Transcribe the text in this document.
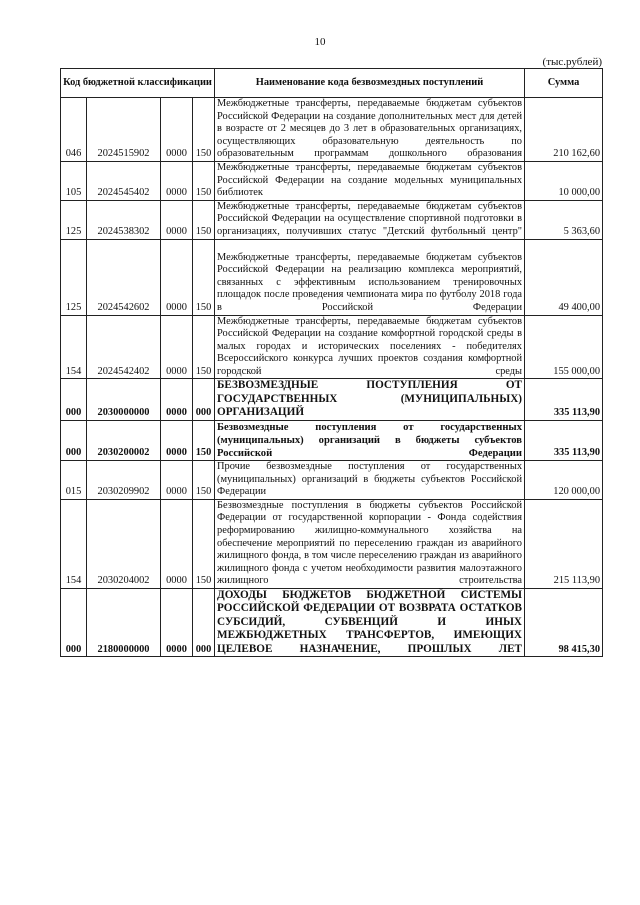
10
(тыс.рублей)
Код бюджетной классификации				Наименование кода безвозмездных поступлений	Сумма
046	2024515902	0000	150	Межбюджетные трансферты, передаваемые бюджетам субъектов Российской Федерации на создание дополнительных мест для детей в возрасте от 2 месяцев до 3 лет в образовательных организациях, осуществляющих образовательную деятельность по образовательным программам дошкольного образования	210 162,60
105	2024545402	0000	150	Межбюджетные трансферты, передаваемые бюджетам субъектов Российской Федерации на создание модельных муниципальных библиотек	10 000,00
125	2024538302	0000	150	Межбюджетные трансферты, передаваемые бюджетам субъектов Российской Федерации на осуществление спортивной подготовки в организациях, получивших статус "Детский футбольный центр"	5 363,60
125	2024542602	0000	150	Межбюджетные трансферты, передаваемые бюджетам субъектов Российской Федерации на реализацию комплекса мероприятий, связанных с эффективным использованием тренировочных площадок после проведения чемпионата мира по футболу 2018 года в Российской Федерации	49 400,00
154	2024542402	0000	150	Межбюджетные трансферты, передаваемые бюджетам субъектов Российской Федерации на создание комфортной городской среды в малых городах и исторических поселениях - победителях Всероссийского конкурса лучших проектов создания комфортной городской среды	155 000,00
000	2030000000	0000	000	БЕЗВОЗМЕЗДНЫЕ ПОСТУПЛЕНИЯ ОТ ГОСУДАРСТВЕННЫХ (МУНИЦИПАЛЬНЫХ) ОРГАНИЗАЦИЙ	335 113,90
000	2030200002	0000	150	Безвозмездные поступления от государственных (муниципальных) организаций в бюджеты субъектов Российской Федерации	335 113,90
015	2030209902	0000	150	Прочие безвозмездные поступления от государственных (муниципальных) организаций в бюджеты субъектов Российской Федерации	120 000,00
154	2030204002	0000	150	Безвозмездные поступления в бюджеты субъектов Российской Федерации от государственной корпорации - Фонда содействия реформированию жилищно-коммунального хозяйства на обеспечение мероприятий по переселению граждан из аварийного жилищного фонда, в том числе переселению граждан из аварийного жилищного фонда с учетом необходимости развития малоэтажного жилищного строительства	215 113,90
000	2180000000	0000	000	ДОХОДЫ БЮДЖЕТОВ БЮДЖЕТНОЙ СИСТЕМЫ РОССИЙСКОЙ ФЕДЕРАЦИИ ОТ ВОЗВРАТА ОСТАТКОВ СУБСИДИЙ, СУБВЕНЦИЙ И ИНЫХ МЕЖБЮДЖЕТНЫХ ТРАНСФЕРТОВ, ИМЕЮЩИХ ЦЕЛЕВОЕ НАЗНАЧЕНИЕ, ПРОШЛЫХ ЛЕТ	98 415,30
